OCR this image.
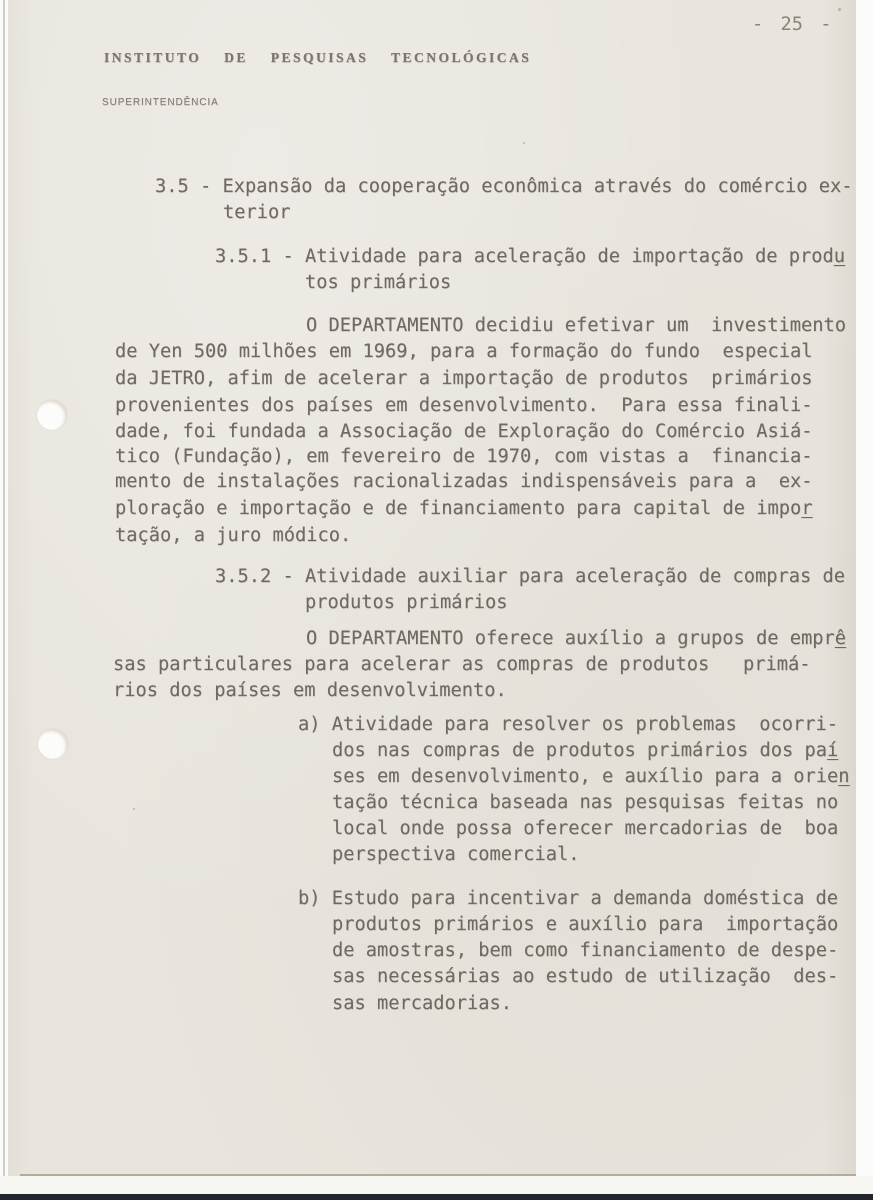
- 25 -
INSTITUTO DE PESQUISAS TECNOLÓGICAS
SUPERINTENDÊNCIA
3.5 - Expansão da cooperação econômica através do comércio ex-
terior
3.5.1 - Atividade para aceleração de importação de produ
tos primários
O DEPARTAMENTO decidiu efetivar um  investimento
de Yen 500 milhões em 1969, para a formação do fundo  especial
da JETRO, afim de acelerar a importação de produtos  primários
provenientes dos países em desenvolvimento.  Para essa finali-
dade, foi fundada a Associação de Exploração do Comércio Asiá-
tico (Fundação), em fevereiro de 1970, com vistas a  financia-
mento de instalações racionalizadas indispensáveis para a  ex-
ploração e importação e de financiamento para capital de impor
tação, a juro módico.
3.5.2 - Atividade auxiliar para aceleração de compras de
produtos primários
O DEPARTAMENTO oferece auxílio a grupos de emprê
sas particulares para acelerar as compras de produtos   primá-
rios dos países em desenvolvimento.
a) Atividade para resolver os problemas  ocorri-
dos nas compras de produtos primários dos paí
ses em desenvolvimento, e auxílio para a orien
tação técnica baseada nas pesquisas feitas no
local onde possa oferecer mercadorias de  boa
perspectiva comercial.
b) Estudo para incentivar a demanda doméstica de
produtos primários e auxílio para  importação
de amostras, bem como financiamento de despe-
sas necessárias ao estudo de utilização  des-
sas mercadorias.
